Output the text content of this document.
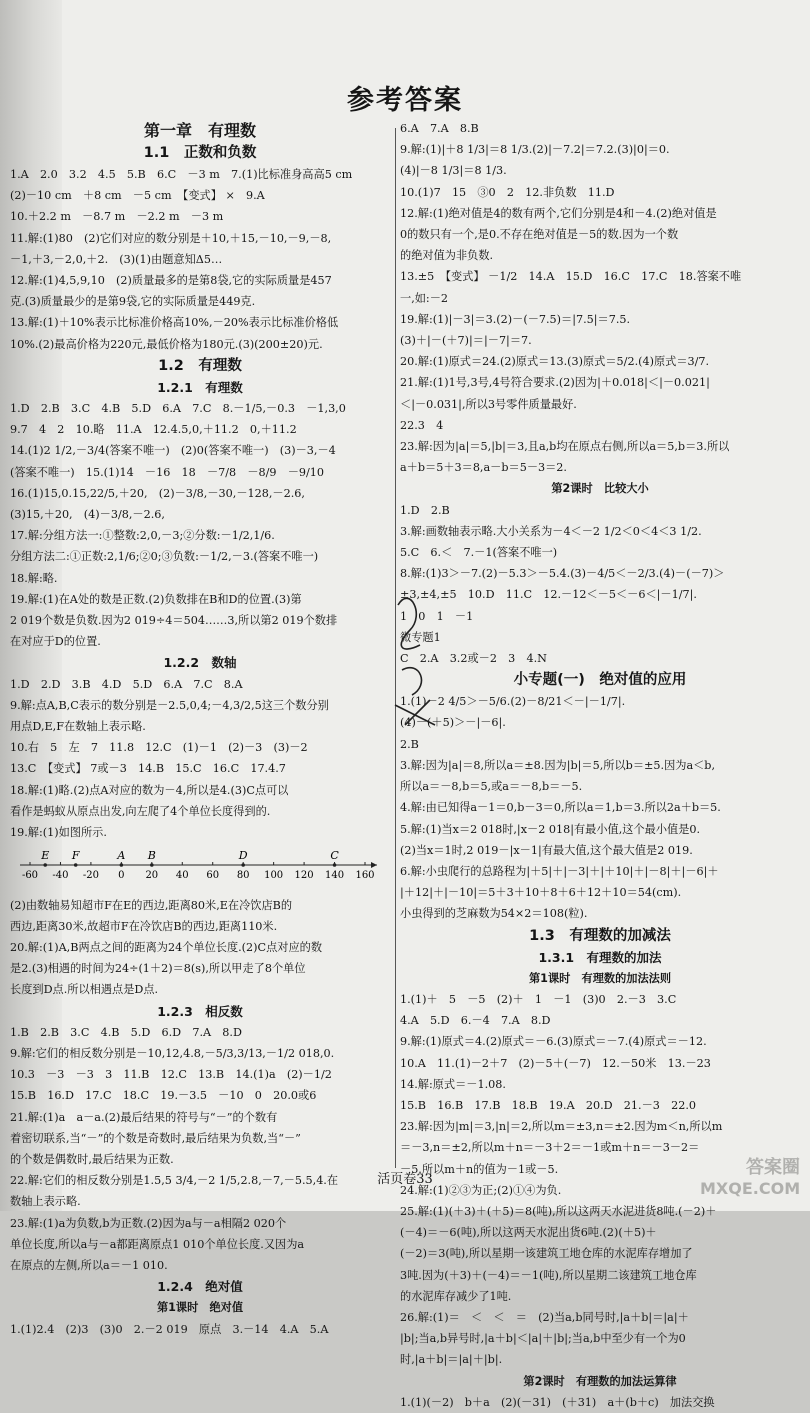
参考答案
第一章　有理数
1.1　正数和负数
1.A　2.0　3.2　4.5　5.B　6.C　－3 m　7.(1)比标准身高高5 cm
(2)－10 cm　＋8 cm　－5 cm　【变式】 ×　9.A
10.＋2.2 m　－8.7 m　－2.2 m　－3 m
11.解:(1)80　(2)它们对应的数分别是＋10,＋15,－10,－9,－8,
－1,＋3,－2,0,＋2.　(3)(1)由题意知Δ5…
12.解:(1)4,5,9,10　(2)质量最多的是第8袋,它的实际质量是457
克.(3)质量最少的是第9袋,它的实际质量是449克.
13.解:(1)＋10%表示比标准价格高10%,－20%表示比标准价格低
10%.(2)最高价格为220元,最低价格为180元.(3)(200±20)元.
1.2　有理数
1.2.1　有理数
1.D　2.B　3.C　4.B　5.D　6.A　7.C　8.－1/5,－0.3　－1,3,0
9.7　4　2　10.略　11.A　12.4.5,0,＋11.2　0,＋11.2
14.(1)2 1/2,－3/4(答案不唯一)　(2)0(答案不唯一)　(3)－3,－4
(答案不唯一)　15.(1)14　－16　18　－7/8　－8/9　－9/10
16.(1)15,0.15,22/5,＋20,　(2)－3/8,－30,－128,－2.6,
(3)15,＋20,　(4)－3/8,－2.6,
17.解:分组方法一:①整数:2,0,－3;②分数:－1/2,1/6.
分组方法二:①正数:2,1/6;②0;③负数:－1/2,－3.(答案不唯一)
18.解:略.
19.解:(1)在A处的数是正数.(2)负数排在B和D的位置.(3)第
2 019个数是负数.因为2 019÷4＝504……3,所以第2 019个数排
在对应于D的位置.
1.2.2　数轴
1.D　2.D　3.B　4.D　5.D　6.A　7.C　8.A
9.解:点A,B,C表示的数分别是－2.5,0,4;－4,3/2,5这三个数分别
用点D,E,F在数轴上表示略.
10.右　5　左　7　11.8　12.C　(1)－1　(2)－3　(3)－2
13.C　【变式】 7或－3　14.B　15.C　16.C　17.4.7
18.解:(1)略.(2)点A对应的数为－4,所以是4.(3)C点可以
看作是蚂蚁从原点出发,向左爬了4个单位长度得到的.
19.解:(1)如图所示.
-60 -40 -20 0 20 40 60 80 100 120 140 160
E F	A B	D	C
(2)由数轴易知超市F在E的西边,距离80米,E在冷饮店B的
西边,距离30米,故超市F在冷饮店B的西边,距离110米.
20.解:(1)A,B两点之间的距离为24个单位长度.(2)C点对应的数
是2.(3)相遇的时间为24÷(1＋2)＝8(s),所以甲走了8个单位
长度到D点.所以相遇点是D点.
1.2.3　相反数
1.B　2.B　3.C　4.B　5.D　6.D　7.A　8.D
9.解:它们的相反数分别是－10,12,4.8,－5/3,3/13,－1/2 018,0.
10.3　－3　－3　3　11.B　12.C　13.B　14.(1)a　(2)－1/2
15.B　16.D　17.C　18.C　19.－3.5　－10　0　20.0或6
21.解:(1)a　a－a.(2)最后结果的符号与“－”的个数有
着密切联系,当“－”的个数是奇数时,最后结果为负数,当“－”
的个数是偶数时,最后结果为正数.
22.解:它们的相反数分别是1.5,5 3/4,－2 1/5,2.8,－7,－5.5,4.在
数轴上表示略.
23.解:(1)a为负数,b为正数.(2)因为a与－a相隔2 020个
单位长度,所以a与－a都距离原点1 010个单位长度.又因为a
在原点的左侧,所以a＝－1 010.
1.2.4　绝对值
第1课时　绝对值
1.(1)2.4　(2)3　(3)0　2.－2 019　原点　3.－14　4.A　5.A
6.A　7.A　8.B
9.解:(1)|＋8 1/3|＝8 1/3.(2)|－7.2|＝7.2.(3)|0|＝0.
(4)|－8 1/3|＝8 1/3.
10.(1)7　15　③0　2　12.非负数　11.D
12.解:(1)绝对值是4的数有两个,它们分别是4和－4.(2)绝对值是
0的数只有一个,是0.不存在绝对值是－5的数.因为一个数
的绝对值为非负数.
13.±5　【变式】 －1/2　14.A　15.D　16.C　17.C　18.答案不唯
一,如:－2
19.解:(1)|－3|＝3.(2)－(－7.5)＝|7.5|＝7.5.
(3)＋|－(＋7)|＝|－7|＝7.
20.解:(1)原式＝24.(2)原式＝13.(3)原式＝5/2.(4)原式＝3/7.
21.解:(1)1号,3号,4号符合要求.(2)因为|＋0.018|＜|－0.021|
＜|－0.031|,所以3号零件质量最好.
22.3　4
23.解:因为|a|＝5,|b|＝3,且a,b均在原点右侧,所以a＝5,b＝3.所以
a＋b＝5＋3＝8,a－b＝5－3＝2.
第2课时　比较大小
1.D　2.B
3.解:画数轴表示略.大小关系为－4＜－2 1/2＜0＜4＜3 1/2.
5.C　6.＜　7.－1(答案不唯一)
8.解:(1)3＞－7.(2)－5.3＞－5.4.(3)－4/5＜－2/3.(4)－(－7)＞
±3,±4,±5　10.D　11.C　12.－12＜－5＜－6＜|－1/7|.
1　0　1　－1
微专题1
C　2.A　3.2或－2　3　4.N
小专题(一)　绝对值的应用
1.(1)－2 4/5＞－5/6.(2)－8/21＜－|－1/7|.
(4)－(＋5)＞－|－6|.
2.B
3.解:因为|a|＝8,所以a＝±8.因为|b|＝5,所以b＝±5.因为a＜b,
所以a＝－8,b＝5,或a＝－8,b＝－5.
4.解:由已知得a－1＝0,b－3＝0,所以a＝1,b＝3.所以2a＋b＝5.
5.解:(1)当x＝2 018时,|x－2 018|有最小值,这个最小值是0.
(2)当x＝1时,2 019－|x－1|有最大值,这个最大值是2 019.
6.解:小虫爬行的总路程为|＋5|＋|－3|＋|＋10|＋|－8|＋|－6|＋
|＋12|＋|－10|＝5＋3＋10＋8＋6＋12＋10＝54(cm).
小虫得到的芝麻数为54×2＝108(粒).
1.3　有理数的加减法
1.3.1　有理数的加法
第1课时　有理数的加法法则
1.(1)＋　5　－5　(2)＋　1　－1　(3)0　2.－3　3.C
4.A　5.D　6.－4　7.A　8.D
9.解:(1)原式＝4.(2)原式＝－6.(3)原式＝－7.(4)原式＝－12.
10.A　11.(1)－2＋7　(2)－5＋(－7)　12.－50米　13.－23
14.解:原式＝－1.08.
15.B　16.B　17.B　18.B　19.A　20.D　21.－3　22.0
23.解:因为|m|＝3,|n|＝2,所以m＝±3,n＝±2.因为m＜n,所以m
＝－3,n＝±2,所以m＋n＝－3＋2＝－1或m＋n＝－3－2＝
－5.所以m＋n的值为－1或－5.
24.解:(1)②③为正;(2)①④为负.
25.解:(1)(＋3)＋(＋5)＝8(吨),所以这两天水泥进货8吨.(－2)＋
(－4)＝－6(吨),所以这两天水泥出货6吨.(2)(＋5)＋
(－2)＝3(吨),所以星期一该建筑工地仓库的水泥库存增加了
3吨.因为(＋3)＋(－4)＝－1(吨),所以星期二该建筑工地仓库
的水泥库存减少了1吨.
26.解:(1)＝　＜　＜　＝　(2)当a,b同号时,|a＋b|＝|a|＋
|b|;当a,b异号时,|a＋b|＜|a|＋|b|;当a,b中至少有一个为0
时,|a＋b|＝|a|＋|b|.
第2课时　有理数的加法运算律
1.(1)(－2)　b＋a　(2)(－31)　(＋31)　a＋(b＋c)　加法交换
活页卷33
答案圈
MXQE.COM
